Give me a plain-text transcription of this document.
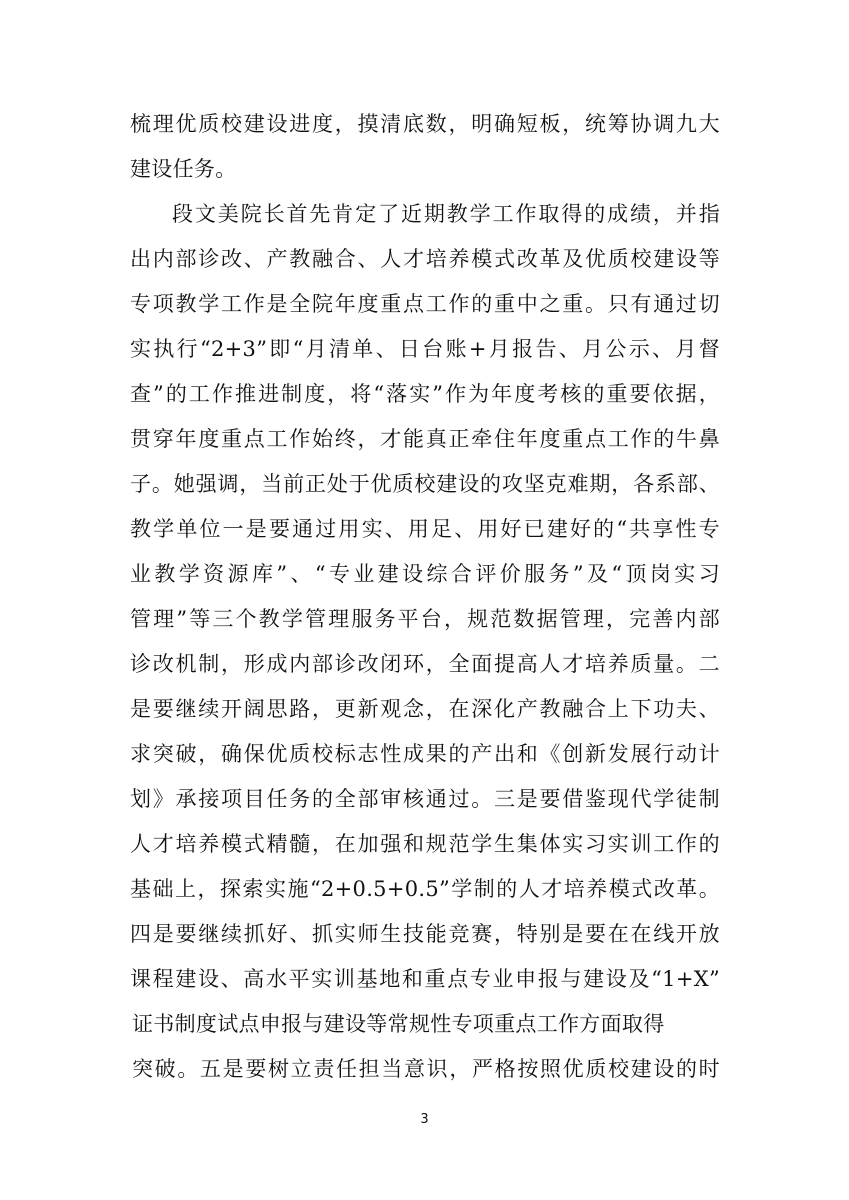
梳理优质校建设进度，摸清底数，明确短板，统筹协调九大
建设任务。
段文美院长首先肯定了近期教学工作取得的成绩，并指
出内部诊改、产教融合、人才培养模式改革及优质校建设等
专项教学工作是全院年度重点工作的重中之重。只有通过切
实执行“2+3”即“月清单、日台账+月报告、月公示、月督
查”的工作推进制度，将“落实”作为年度考核的重要依据，
贯穿年度重点工作始终，才能真正牵住年度重点工作的牛鼻
子。她强调，当前正处于优质校建设的攻坚克难期，各系部、
教学单位一是要通过用实、用足、用好已建好的“共享性专
业教学资源库”、“专业建设综合评价服务”及“顶岗实习
管理”等三个教学管理服务平台，规范数据管理，完善内部
诊改机制，形成内部诊改闭环，全面提高人才培养质量。二
是要继续开阔思路，更新观念，在深化产教融合上下功夫、
求突破，确保优质校标志性成果的产出和《创新发展行动计
划》承接项目任务的全部审核通过。三是要借鉴现代学徒制
人才培养模式精髓，在加强和规范学生集体实习实训工作的
基础上，探索实施“2+0.5+0.5”学制的人才培养模式改革。
四是要继续抓好、抓实师生技能竞赛，特别是要在在线开放
课程建设、高水平实训基地和重点专业申报与建设及“1+X”
证书制度试点申报与建设等常规性专项重点工作方面取得
突破。五是要树立责任担当意识，严格按照优质校建设的时
3
